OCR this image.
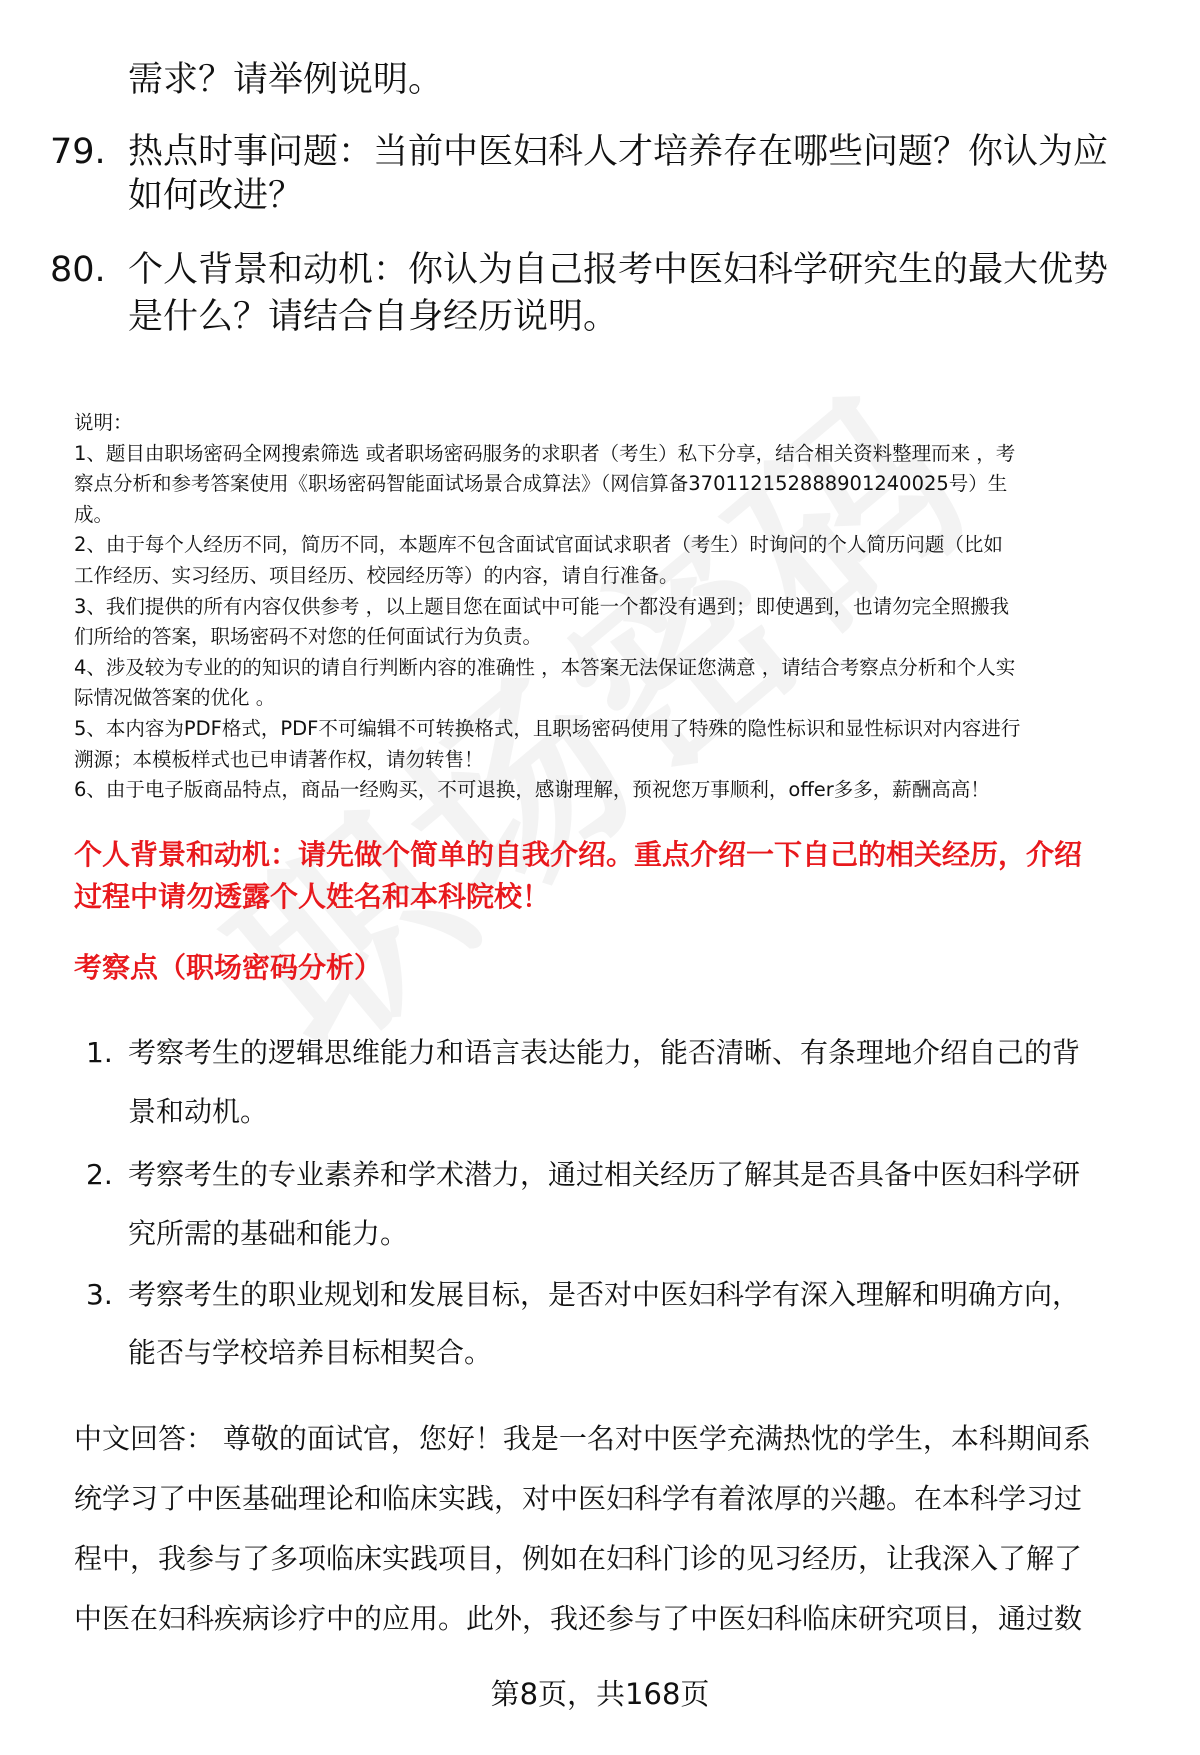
需求？请举例说明。
79. 热点时事问题：当前中医妇科人才培养存在哪些问题？你认为应
如何改进？
80. 个人背景和动机：你认为自己报考中医妇科学研究生的最大优势
是什么？请结合自身经历说明。
说明：
1、题目由职场密码全网搜索筛选 或者职场密码服务的求职者（考生）私下分享，结合相关资料整理而来 ，考
察点分析和参考答案使用《职场密码智能面试场景合成算法》（网信算备370112152888901240025号）生
成。
2、由于每个人经历不同，简历不同，本题库不包含面试官面试求职者（考生）时询问的个人简历问题（比如
工作经历、实习经历、项目经历、校园经历等）的内容，请自行准备。
3、我们提供的所有内容仅供参考 ，以上题目您在面试中可能一个都没有遇到；即使遇到，也请勿完全照搬我
们所给的答案，职场密码不对您的任何面试行为负责。
4、涉及较为专业的的知识的请自行判断内容的准确性 ，本答案无法保证您满意 ，请结合考察点分析和个人实
际情况做答案的优化 。
5、本内容为PDF格式，PDF不可编辑不可转换格式，且职场密码使用了特殊的隐性标识和显性标识对内容进行
溯源；本模板样式也已申请著作权，请勿转售！
6、由于电子版商品特点，商品一经购买，不可退换，感谢理解，预祝您万事顺利，offer多多，薪酬高高！
个人背景和动机：请先做个简单的自我介绍。重点介绍一下自己的相关经历，介绍
过程中请勿透露个人姓名和本科院校！
考察点（职场密码分析）
1. 考察考生的逻辑思维能力和语言表达能力，能否清晰、有条理地介绍自己的背
景和动机。
2. 考察考生的专业素养和学术潜力，通过相关经历了解其是否具备中医妇科学研
究所需的基础和能力。
3. 考察考生的职业规划和发展目标，是否对中医妇科学有深入理解和明确方向，
能否与学校培养目标相契合。
中文回答： 尊敬的面试官，您好！我是一名对中医学充满热忱的学生，本科期间系
统学习了中医基础理论和临床实践，对中医妇科学有着浓厚的兴趣。在本科学习过
程中，我参与了多项临床实践项目，例如在妇科门诊的见习经历，让我深入了解了
中医在妇科疾病诊疗中的应用。此外，我还参与了中医妇科临床研究项目，通过数
第8页，共168页
